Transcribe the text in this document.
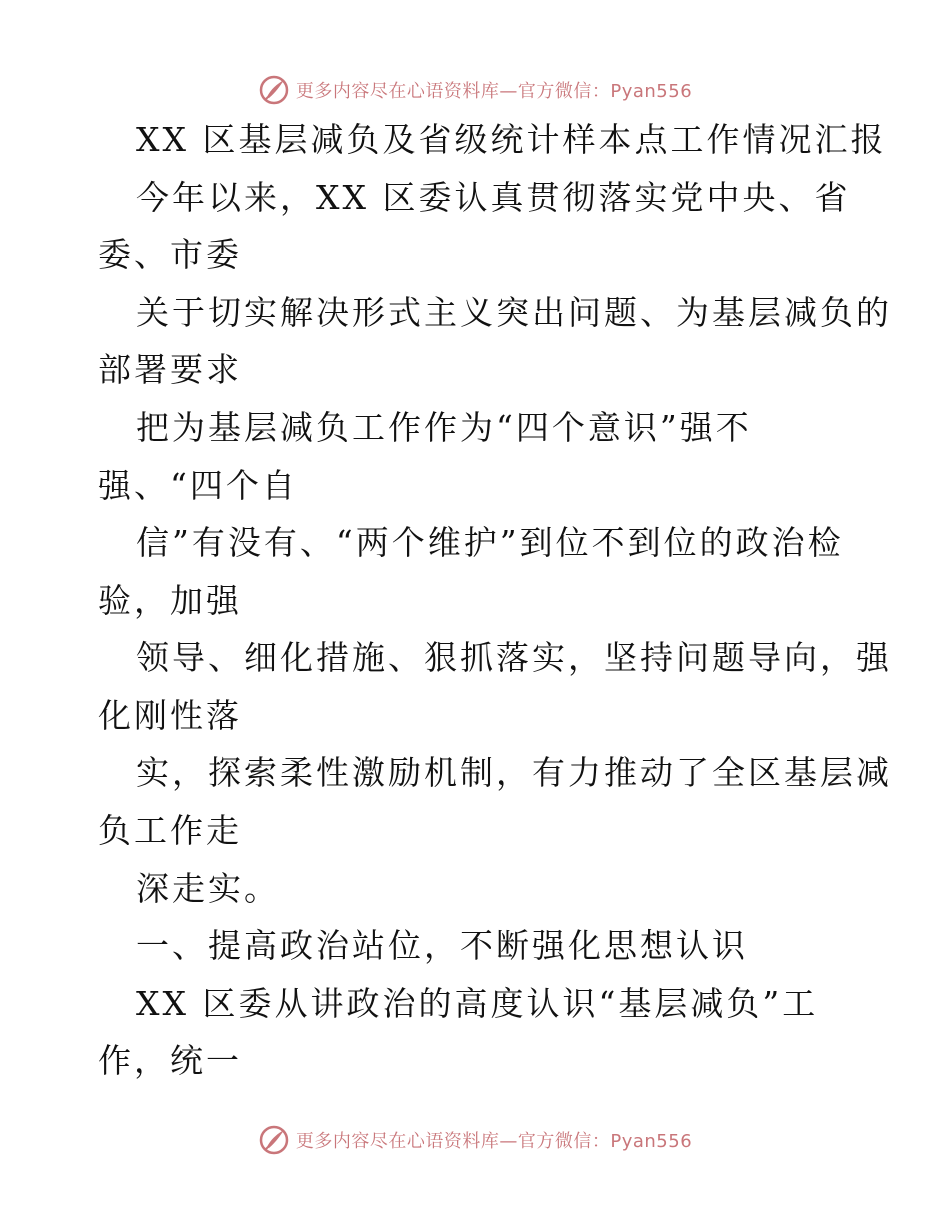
更多内容尽在心语资料库—官方微信：Pyan556
XX 区基层减负及省级统计样本点工作情况汇报
今年以来，XX 区委认真贯彻落实党中央、省
委、市委
关于切实解决形式主义突出问题、为基层减负的
部署要求
把为基层减负工作作为“四个意识”强不
强、“四个自
信”有没有、“两个维护”到位不到位的政治检
验，加强
领导、细化措施、狠抓落实，坚持问题导向，强
化刚性落
实，探索柔性激励机制，有力推动了全区基层减
负工作走
深走实。
一、提高政治站位，不断强化思想认识
XX 区委从讲政治的高度认识“基层减负”工
作，统一
更多内容尽在心语资料库—官方微信：Pyan556
